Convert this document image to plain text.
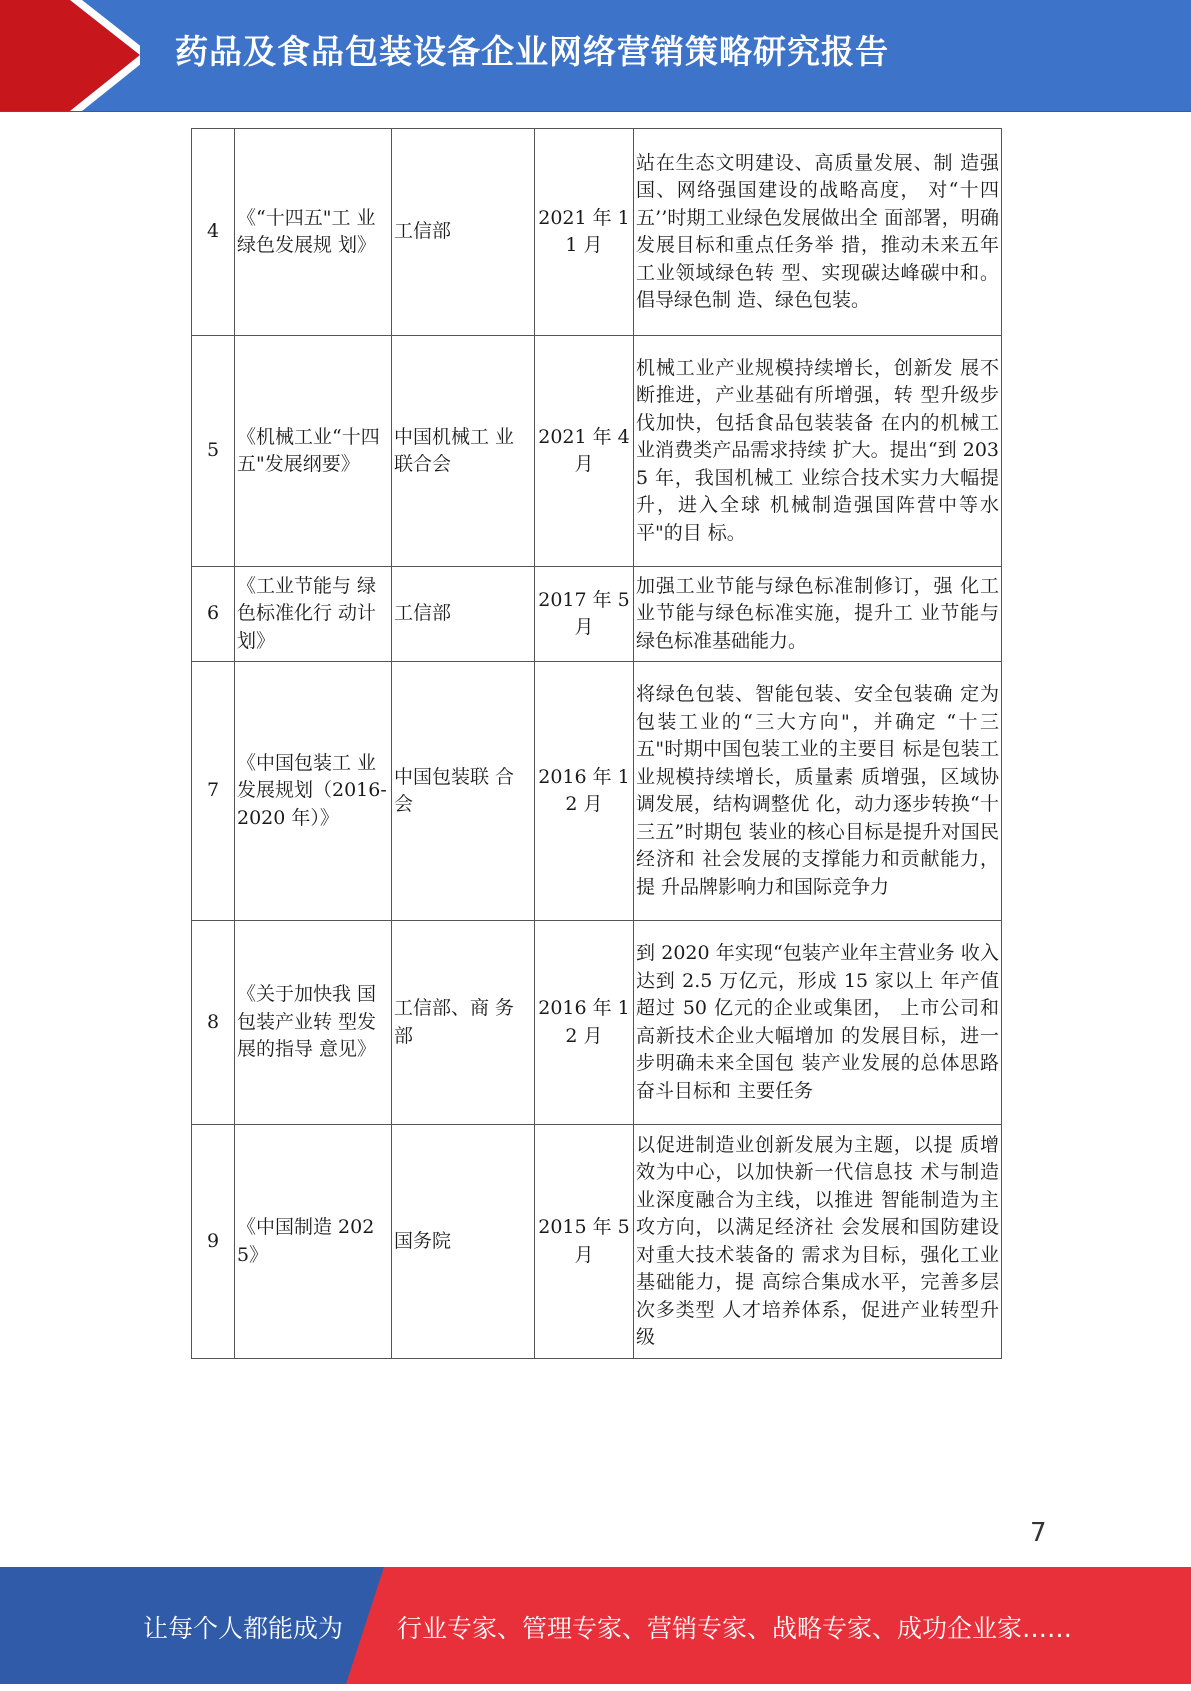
药品及食品包装设备企业网络营销策略研究报告
4	《“十四五"工 业绿色发展规 划》	工信部	2021 年 11 月	站在生态文明建设、高质量发展、制 造强国、网络强国建设的战略高度， 对“十四五’’时期工业绿色发展做出全 面部署，明确发展目标和重点任务举 措，推动未来五年工业领域绿色转 型、实现碳达峰碳中和。倡导绿色制 造、绿色包装。
5	《机械工业“十四五"发展纲要》	中国机械工 业联合会	2021 年 4 月	机械工业产业规模持续增长，创新发 展不断推进，产业基础有所增强，转 型升级步伐加快，包括食品包装装备 在内的机械工业消费类产品需求持续 扩大。提出“到 2035 年，我国机械工 业综合技术实力大幅提升，进入全球 机械制造强国阵营中等水平"的目 标。
6	《工业节能与 绿色标准化行 动计划》	工信部	2017 年 5 月	加强工业节能与绿色标准制修订，强 化工业节能与绿色标准实施，提升工 业节能与绿色标准基础能力。
7	《中国包装工 业发展规划（2016-2020 年）》	中国包装联 合会	2016 年 12 月	将绿色包装、智能包装、安全包装确 定为包装工业的“三大方向"，并确定 “十三五"时期中国包装工业的主要目 标是包装工业规模持续增长，质量素 质增强，区域协调发展，结构调整优 化，动力逐步转换“十三五”时期包 装业的核心目标是提升对国民经济和 社会发展的支撑能力和贡献能力，提 升品牌影响力和国际竞争力
8	《关于加快我 国包装产业转 型发展的指导 意见》	工信部、商 务部	2016 年 12 月	到 2020 年实现“包装产业年主营业务 收入达到 2.5 万亿元，形成 15 家以上 年产值超过 50 亿元的企业或集团， 上市公司和高新技术企业大幅增加 的发展目标，进一步明确未来全国包 装产业发展的总体思路奋斗目标和 主要任务
9	《中国制造 2025》	国务院	2015 年 5 月	以促进制造业创新发展为主题，以提 质增效为中心，以加快新一代信息技 术与制造业深度融合为主线，以推进 智能制造为主攻方向，以满足经济社 会发展和国防建设对重大技术装备的 需求为目标，强化工业基础能力，提 高综合集成水平，完善多层次多类型 人才培养体系，促进产业转型升级
7
让每个人都能成为 行业专家、管理专家、营销专家、战略专家、成功企业家……
